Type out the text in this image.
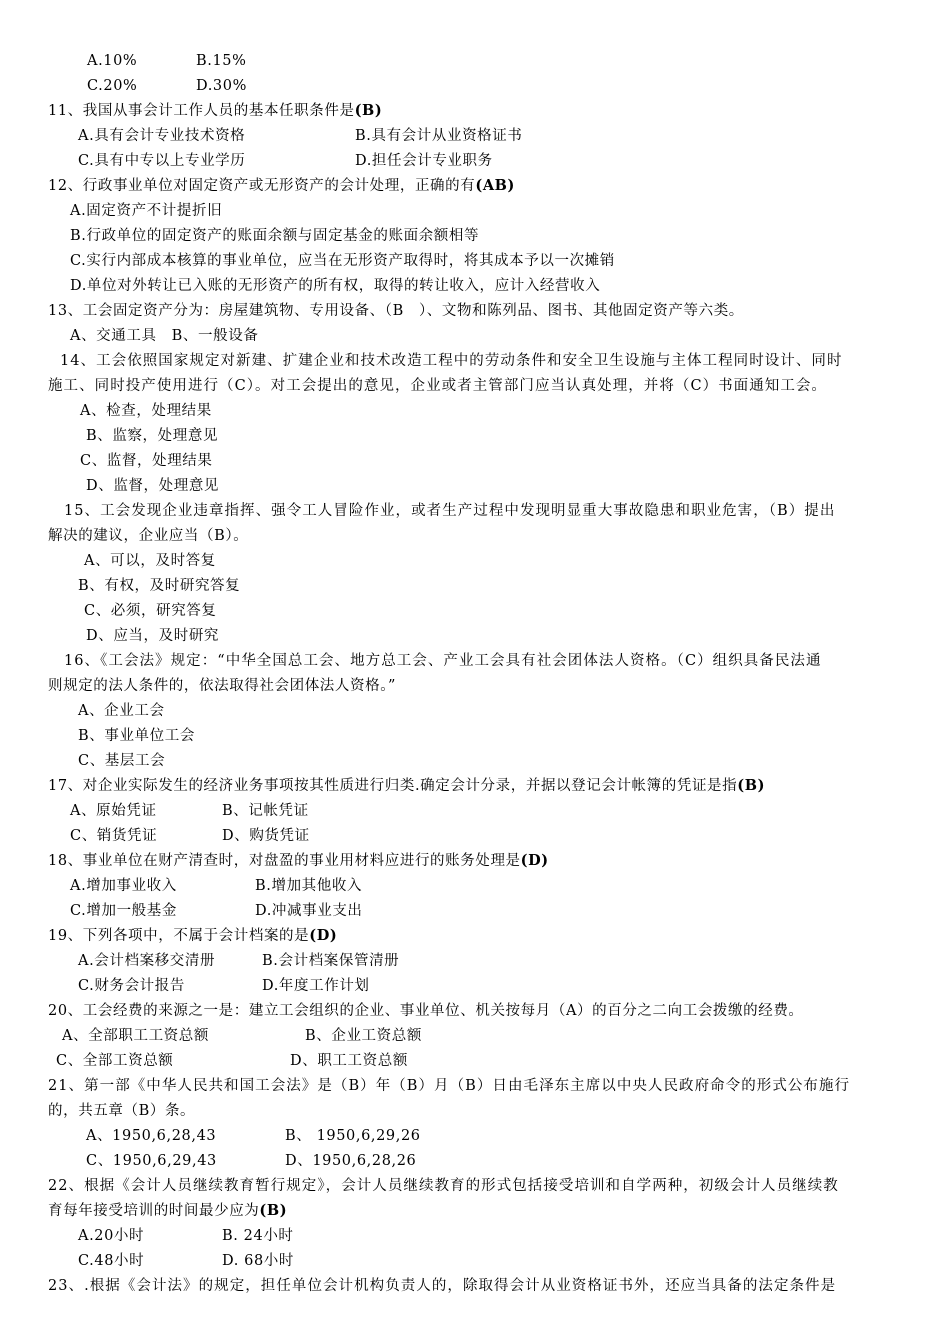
A.10%	B.15%
C.20%	D.30%
11、我国从事会计工作人员的基本任职条件是(B)
A.具有会计专业技术资格	B.具有会计从业资格证书
C.具有中专以上专业学历	D.担任会计专业职务
12、行政事业单位对固定资产或无形资产的会计处理，正确的有(AB)
A.固定资产不计提折旧
B.行政单位的固定资产的账面余额与固定基金的账面余额相等
C.实行内部成本核算的事业单位，应当在无形资产取得时，将其成本予以一次摊销
D.单位对外转让已入账的无形资产的所有权，取得的转让收入，应计入经营收入
13、工会固定资产分为：房屋建筑物、专用设备、（B　）、文物和陈列品、图书、其他固定资产等六类。
A、交通工具　B、一般设备
14、工会依照国家规定对新建、扩建企业和技术改造工程中的劳动条件和安全卫生设施与主体工程同时设计、同时
施工、同时投产使用进行（C）。对工会提出的意见，企业或者主管部门应当认真处理，并将（C）书面通知工会。
A、检查，处理结果
B、监察，处理意见
C、监督，处理结果
D、监督，处理意见
15、工会发现企业违章指挥、强令工人冒险作业，或者生产过程中发现明显重大事故隐患和职业危害，（B）提出
解决的建议，企业应当（B）。
A、可以，及时答复
B、有权，及时研究答复
C、必须，研究答复
D、应当，及时研究
16、《工会法》规定：“中华全国总工会、地方总工会、产业工会具有社会团体法人资格。（C）组织具备民法通
则规定的法人条件的，依法取得社会团体法人资格。”
A、企业工会
B、事业单位工会
C、基层工会
17、对企业实际发生的经济业务事项按其性质进行归类.确定会计分录，并据以登记会计帐簿的凭证是指(B)
A、原始凭证	B、记帐凭证
C、销货凭证	D、购货凭证
18、事业单位在财产清查时，对盘盈的事业用材料应进行的账务处理是(D)
A.增加事业收入	B.增加其他收入
C.增加一般基金	D.冲减事业支出
19、下列各项中，不属于会计档案的是(D)
A.会计档案移交清册	B.会计档案保管清册
C.财务会计报告	D.年度工作计划
20、工会经费的来源之一是：建立工会组织的企业、事业单位、机关按每月（A）的百分之二向工会拨缴的经费。
A、全部职工工资总额	B、企业工资总额
C、全部工资总额	D、职工工资总额
21、第一部《中华人民共和国工会法》是（B）年（B）月（B）日由毛泽东主席以中央人民政府命令的形式公布施行
的，共五章（B）条。
A、1950,6,28,43	B、 1950,6,29,26
C、1950,6,29,43	D、1950,6,28,26
22、根据《会计人员继续教育暂行规定》，会计人员继续教育的形式包括接受培训和自学两种，初级会计人员继续教
育每年接受培训的时间最少应为(B)
A.20小时	B. 24小时
C.48小时	D. 68小时
23、.根据《会计法》的规定，担任单位会计机构负责人的，除取得会计从业资格证书外，还应当具备的法定条件是
